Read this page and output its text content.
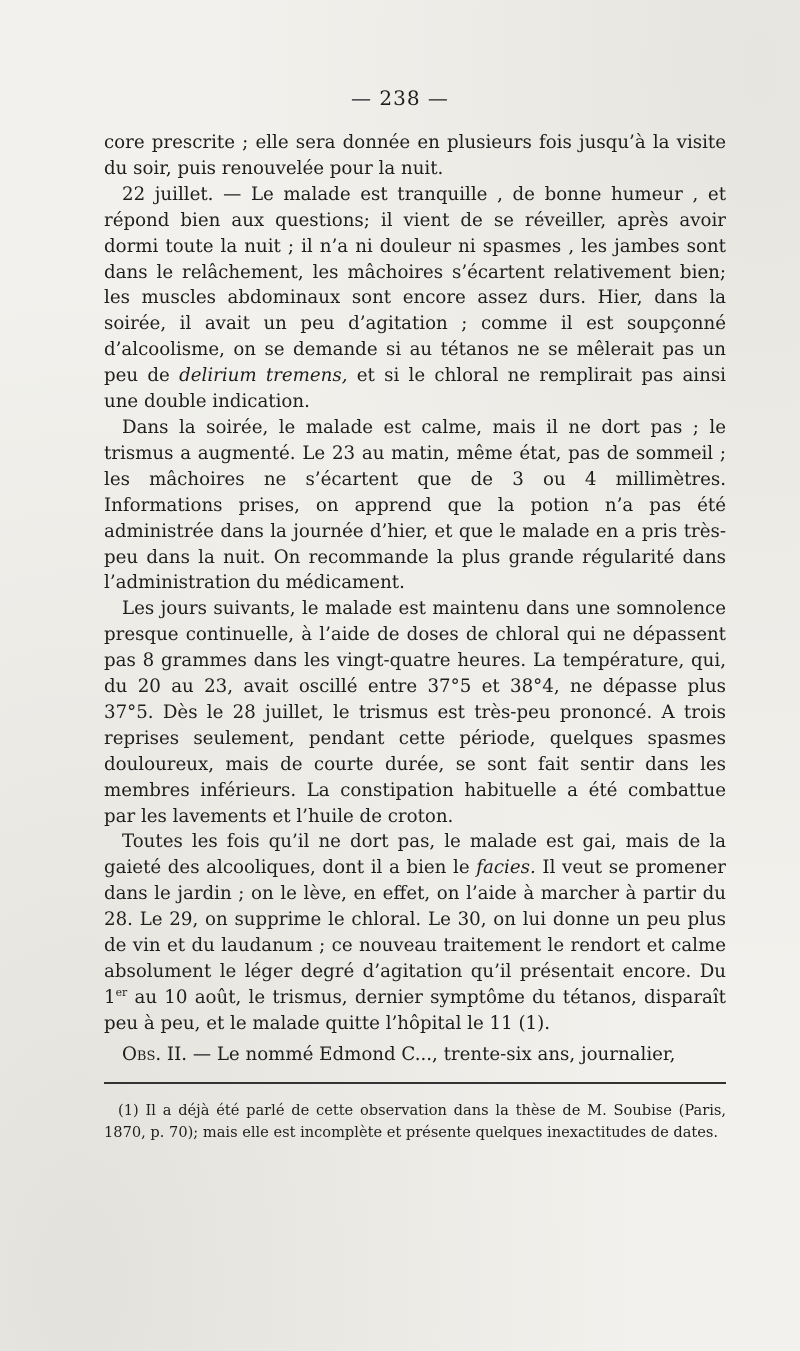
— 238 —

core prescrite ; elle sera donnée en plusieurs fois jusqu’à la visite du soir, puis renouvelée pour la nuit.

22 juillet. — Le malade est tranquille , de bonne humeur , et répond bien aux questions; il vient de se réveiller, après avoir dormi toute la nuit ; il n’a ni douleur ni spasmes , les jambes sont dans le relâchement, les mâchoires s’écartent relativement bien; les muscles abdominaux sont encore assez durs. Hier, dans la soirée, il avait un peu d’agitation ; comme il est soupçonné d’alcoolisme, on se demande si au tétanos ne se mêlerait pas un peu de delirium tremens, et si le chloral ne remplirait pas ainsi une double indication.

Dans la soirée, le malade est calme, mais il ne dort pas ; le trismus a augmenté. Le 23 au matin, même état, pas de sommeil ; les mâchoires ne s’écartent que de 3 ou 4 millimètres. Informations prises, on apprend que la potion n’a pas été administrée dans la journée d’hier, et que le malade en a pris très-peu dans la nuit. On recommande la plus grande régularité dans l’administration du médicament.

Les jours suivants, le malade est maintenu dans une somnolence presque continuelle, à l’aide de doses de chloral qui ne dépassent pas 8 grammes dans les vingt-quatre heures. La température, qui, du 20 au 23, avait oscillé entre 37°5 et 38°4, ne dépasse plus 37°5. Dès le 28 juillet, le trismus est très-peu prononcé. A trois reprises seulement, pendant cette période, quelques spasmes douloureux, mais de courte durée, se sont fait sentir dans les membres inférieurs. La constipation habituelle a été combattue par les lavements et l’huile de croton.

Toutes les fois qu’il ne dort pas, le malade est gai, mais de la gaieté des alcooliques, dont il a bien le facies. Il veut se promener dans le jardin ; on le lève, en effet, on l’aide à marcher à partir du 28. Le 29, on supprime le chloral. Le 30, on lui donne un peu plus de vin et du laudanum ; ce nouveau traitement le rendort et calme absolument le léger degré d’agitation qu’il présentait encore. Du 1er au 10 août, le trismus, dernier symptôme du tétanos, disparaît peu à peu, et le malade quitte l’hôpital le 11 (1).

Obs. II. — Le nommé Edmond C..., trente-six ans, journalier,
(1) Il a déjà été parlé de cette observation dans la thèse de M. Soubise (Paris, 1870, p. 70); mais elle est incomplète et présente quelques inexactitudes de dates.
